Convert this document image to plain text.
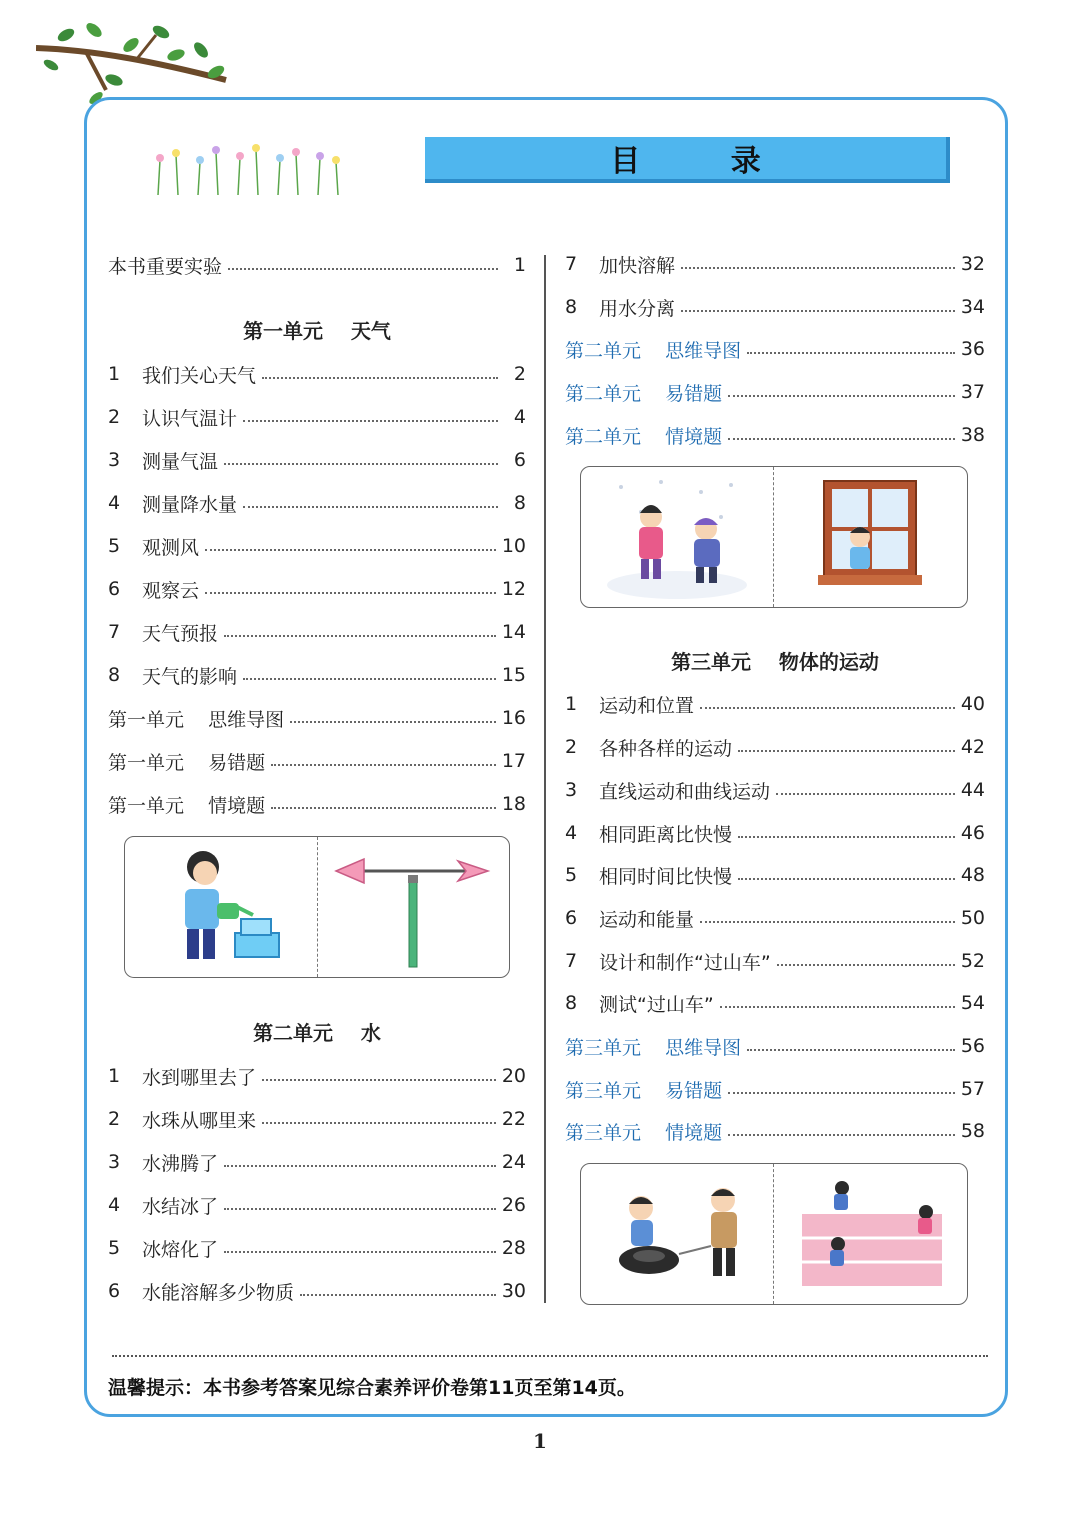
目 录
本书重要实验	1
第一单元    天气
1	我们关心天气	2
2	认识气温计	4
3	测量气温	6
4	测量降水量	8
5	观测风	10
6	观察云	12
7	天气预报	14
8	天气的影响	15
第一单元    思维导图	16
第一单元    易错题	17
第一单元    情境题	18
第二单元    水
1	水到哪里去了	20
2	水珠从哪里来	22
3	水沸腾了	24
4	水结冰了	26
5	冰熔化了	28
6	水能溶解多少物质	30
7	加快溶解	32
8	用水分离	34
第二单元    思维导图	36
第二单元    易错题	37
第二单元    情境题	38
第三单元    物体的运动
1	运动和位置	40
2	各种各样的运动	42
3	直线运动和曲线运动	44
4	相同距离比快慢	46
5	相同时间比快慢	48
6	运动和能量	50
7	设计和制作“过山车”	52
8	测试“过山车”	54
第三单元    思维导图	56
第三单元    易错题	57
第三单元    情境题	58
温馨提示：本书参考答案见综合素养评价卷第11页至第14页。
1
